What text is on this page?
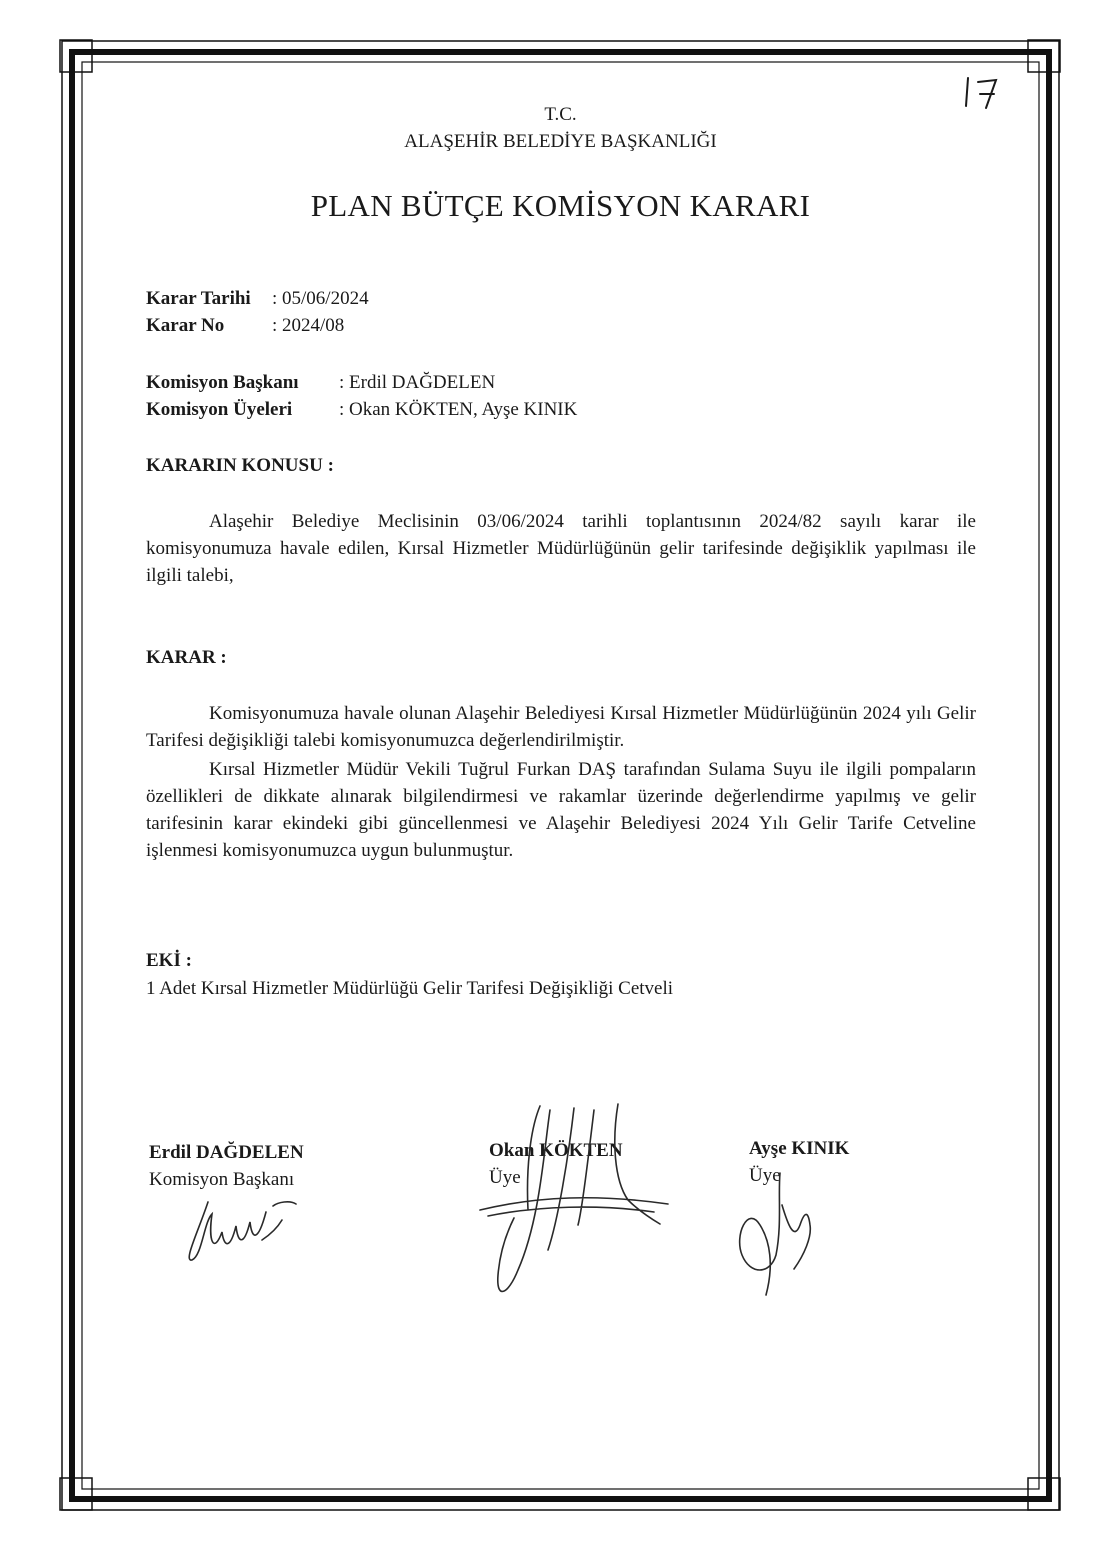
T.C.
ALAŞEHİR BELEDİYE BAŞKANLIĞI
PLAN BÜTÇE KOMİSYON KARARI
Karar Tarihi : 05/06/2024
Karar No	: 2024/08
Komisyon Başkanı : Erdil DAĞDELEN
Komisyon Üyeleri : Okan KÖKTEN, Ayşe KINIK
KARARIN KONUSU :

Alaşehir Belediye Meclisinin 03/06/2024 tarihli toplantısının 2024/82 sayılı karar ile komisyonumuza havale edilen, Kırsal Hizmetler Müdürlüğünün gelir tarifesinde değişiklik yapılması ile ilgili talebi,

KARAR :

Komisyonumuza havale olunan Alaşehir Belediyesi Kırsal Hizmetler Müdürlüğünün 2024 yılı Gelir Tarifesi değişikliği talebi komisyonumuzca değerlendirilmiştir.

Kırsal Hizmetler Müdür Vekili Tuğrul Furkan DAŞ tarafından Sulama Suyu ile ilgili pompaların özellikleri de dikkate alınarak bilgilendirmesi ve rakamlar üzerinde değerlendirme yapılmış ve gelir tarifesinin karar ekindeki gibi güncellenmesi ve Alaşehir Belediyesi 2024 Yılı Gelir Tarife Cetveline işlenmesi komisyonumuzca uygun bulunmuştur.

EKİ :

1 Adet Kırsal Hizmetler Müdürlüğü Gelir Tarifesi Değişikliği Cetveli

Erdil DAĞDELEN
Komisyon Başkanı
Okan KÖKTEN
Üye
Ayşe KINIK
Üye
